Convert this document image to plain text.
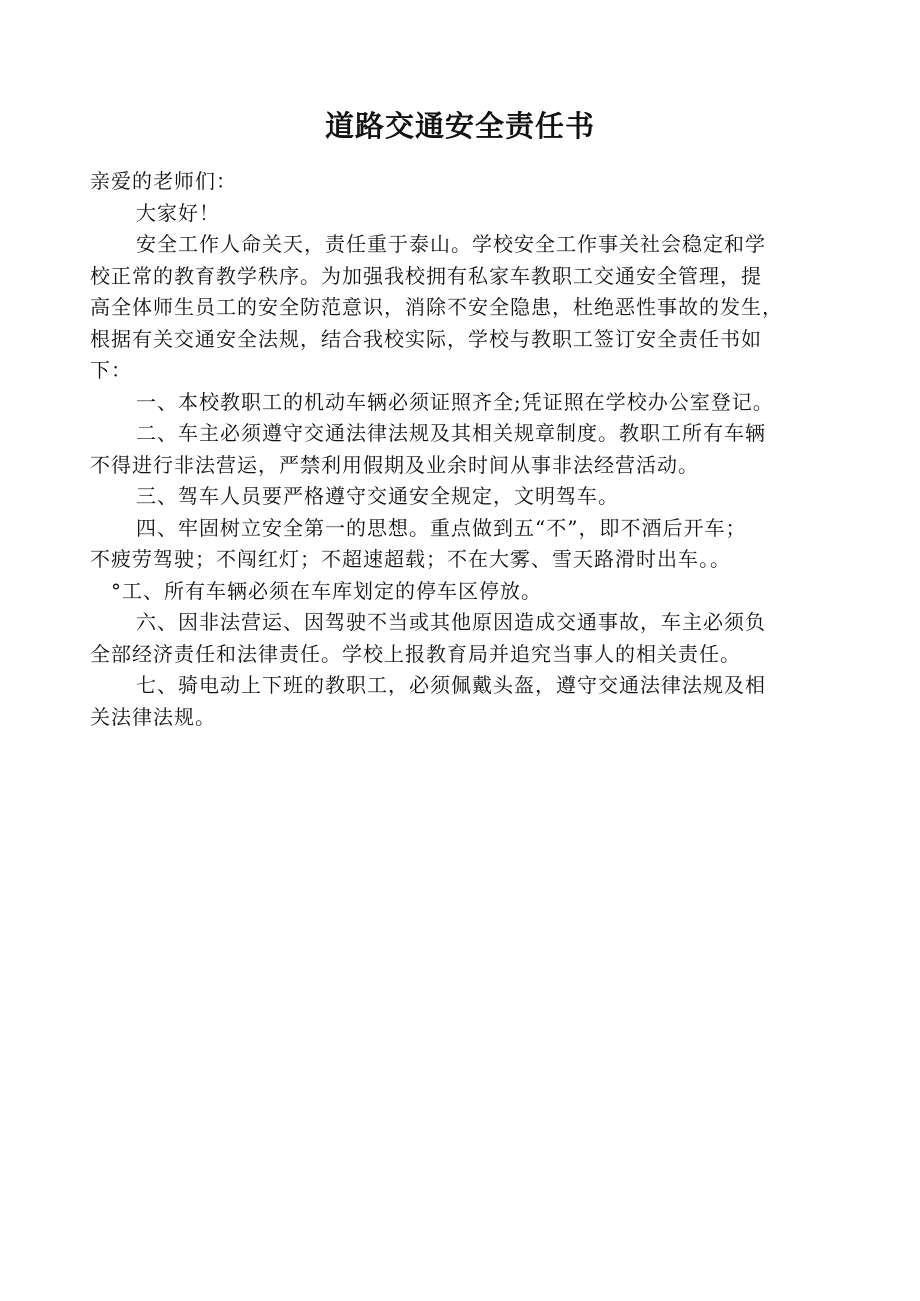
道路交通安全责任书
亲爱的老师们：
大家好！
安全工作人命关天，责任重于泰山。学校安全工作事关社会稳定和学
校正常的教育教学秩序。为加强我校拥有私家车教职工交通安全管理，提
高全体师生员工的安全防范意识，消除不安全隐患，杜绝恶性事故的发生，
根据有关交通安全法规，结合我校实际，学校与教职工签订安全责任书如
下：
一、本校教职工的机动车辆必须证照齐全;凭证照在学校办公室登记。
二、车主必须遵守交通法律法规及其相关规章制度。教职工所有车辆
不得进行非法营运，严禁利用假期及业余时间从事非法经营活动。
三、驾车人员要严格遵守交通安全规定，文明驾车。
四、牢固树立安全第一的思想。重点做到五“不”，即不酒后开车；
不疲劳驾驶；不闯红灯；不超速超载；不在大雾、雪天路滑时出车。。
°工、所有车辆必须在车库划定的停车区停放。
六、因非法营运、因驾驶不当或其他原因造成交通事故，车主必须负
全部经济责任和法律责任。学校上报教育局并追究当事人的相关责任。
七、骑电动上下班的教职工，必须佩戴头盔，遵守交通法律法规及相
关法律法规。
